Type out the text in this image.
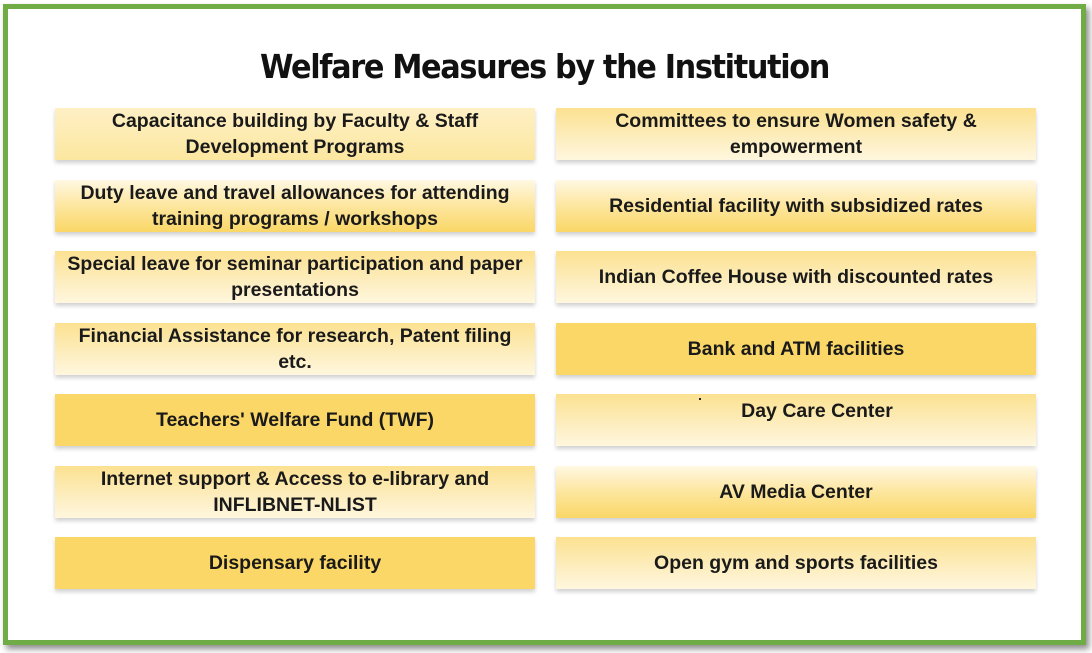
Welfare Measures by the Institution
Capacitance building by Faculty & Staff Development Programs
Duty leave and travel allowances for attending training programs / workshops
Special leave for seminar participation and paper presentations
Financial Assistance for research, Patent filing etc.
Teachers' Welfare Fund (TWF)
Internet support & Access to e-library and INFLIBNET-NLIST
Dispensary facility
Committees to ensure Women safety & empowerment
Residential facility with subsidized rates
Indian Coffee House with discounted rates
Bank and ATM facilities
Day Care Center
AV Media Center
Open gym and sports facilities
